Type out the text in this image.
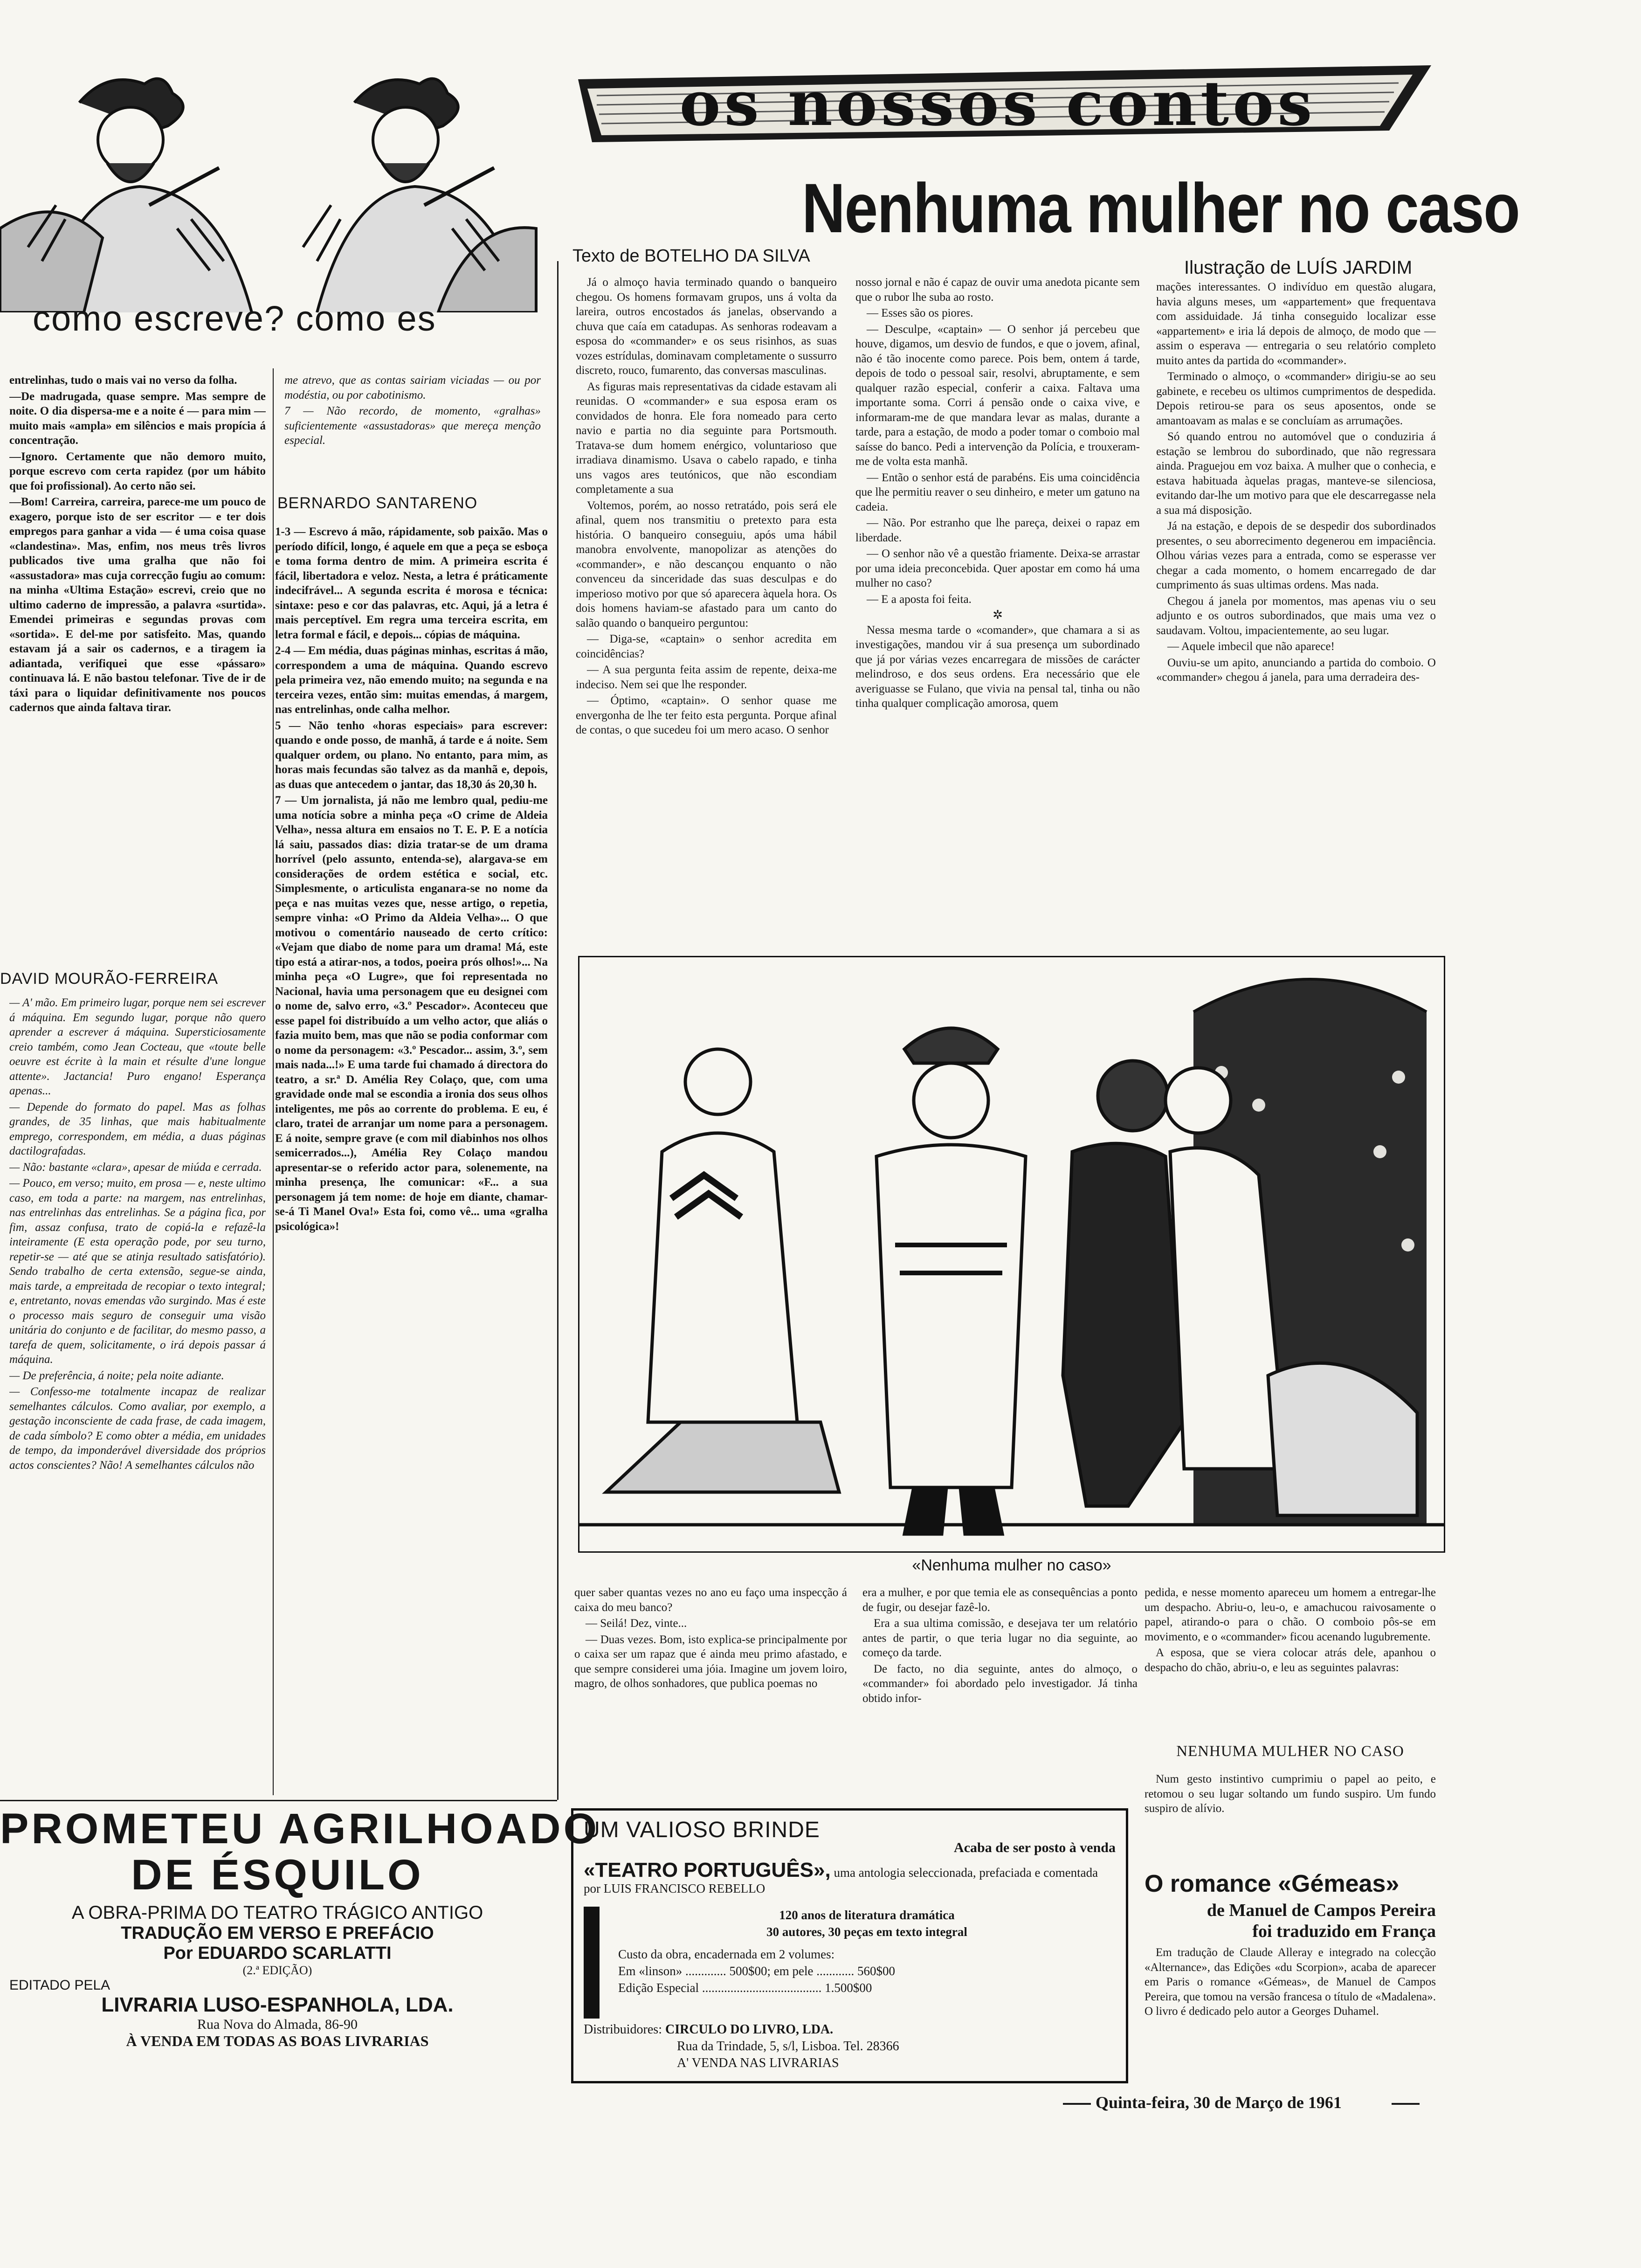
como escreve? como es
os nossos contos
Nenhuma mulher no caso
Texto de BOTELHO DA SILVA
Ilustração de LUÍS JARDIM

Já o almoço havia terminado quando o banqueiro chegou. Os homens formavam grupos, uns á volta da lareira, outros encostados ás janelas, observando a chuva que caía em catadupas. As senhoras rodeavam a esposa do «commander» e os seus risinhos, as suas vozes estrídulas, dominavam completamente o sussurro discreto, rouco, fumarento, das conversas masculinas.

As figuras mais representativas da cidade estavam ali reunidas. O «commander» e sua esposa eram os convidados de honra. Ele fora nomeado para certo navio e partia no dia seguinte para Portsmouth. Tratava-se dum homem enérgico, voluntarioso que irradiava dinamismo. Usava o cabelo rapado, e tinha uns vagos ares teutónicos, que não escondiam completamente a sua

Voltemos, porém, ao nosso retratádo, pois será ele afinal, quem nos transmitiu o pretexto para esta história. O banqueiro conseguiu, após uma hábil manobra envolvente, manopolizar as atenções do «commander», e não descançou enquanto o não convenceu da sinceridade das suas desculpas e do imperioso motivo por que só aparecera àquela hora. Os dois homens haviam-se afastado para um canto do salão quando o banqueiro perguntou:

— Diga-se, «captain» o senhor acredita em coincidências?

— A sua pergunta feita assim de repente, deixa-me indeciso. Nem sei que lhe responder.

— Óptimo, «captain». O senhor quase me envergonha de lhe ter feito esta pergunta. Porque afinal de contas, o que sucedeu foi um mero acaso. O senhor

nosso jornal e não é capaz de ouvir uma anedota picante sem que o rubor lhe suba ao rosto.

— Esses são os piores.

— Desculpe, «captain» — O senhor já percebeu que houve, digamos, um desvio de fundos, e que o jovem, afinal, não é tão inocente como parece. Pois bem, ontem á tarde, depois de todo o pessoal sair, resolvi, abruptamente, e sem qualquer razão especial, conferir a caixa. Faltava uma importante soma. Corri á pensão onde o caixa vive, e informaram-me de que mandara levar as malas, durante a tarde, para a estação, de modo a poder tomar o comboio mal saísse do banco. Pedi a intervenção da Polícia, e trouxeram-me de volta esta manhã.

— Então o senhor está de parabéns. Eis uma coincidência que lhe permitiu reaver o seu dinheiro, e meter um gatuno na cadeia.

— Não. Por estranho que lhe pareça, deixei o rapaz em liberdade.

— O senhor não vê a questão friamente. Deixa-se arrastar por uma ideia preconcebida. Quer apostar em como há uma mulher no caso?

— E a aposta foi feita.

✲

Nessa mesma tarde o «comander», que chamara a si as investigações, mandou vir á sua presença um subordinado que já por várias vezes encarregara de missões de carácter melindroso, e dos seus ordens. Era necessário que ele averiguasse se Fulano, que vivia na pensal tal, tinha ou não tinha qualquer complicação amorosa, quem

mações interessantes. O indivíduo em questão alugara, havia alguns meses, um «appartement» que frequentava com assiduidade. Já tinha conseguido localizar esse «appartement» e iria lá depois de almoço, de modo que — assim o esperava — entregaria o seu relatório completo muito antes da partida do «commander».

Terminado o almoço, o «commander» dirigiu-se ao seu gabinete, e recebeu os ultimos cumprimentos de despedida. Depois retirou-se para os seus aposentos, onde se amantoavam as malas e se concluíam as arrumações.

Só quando entrou no automóvel que o conduziria á estação se lembrou do subordinado, que não regressara ainda. Praguejou em voz baixa. A mulher que o conhecia, e estava habituada àquelas pragas, manteve-se silenciosa, evitando dar-lhe um motivo para que ele descarregasse nela a sua má disposição.

Já na estação, e depois de se despedir dos subordinados presentes, o seu aborrecimento degenerou em impaciência. Olhou várias vezes para a entrada, como se esperasse ver chegar a cada momento, o homem encarregado de dar cumprimento ás suas ultimas ordens. Mas nada.

Chegou á janela por momentos, mas apenas viu o seu adjunto e os outros subordinados, que mais uma vez o saudavam. Voltou, impacientemente, ao seu lugar.

— Aquele imbecil que não aparece!

Ouviu-se um apito, anunciando a partida do comboio. O «commander» chegou á janela, para uma derradeira des-

«Nenhuma mulher no caso»

quer saber quantas vezes no ano eu faço uma inspecção á caixa do meu banco?

— Seilá! Dez, vinte...

— Duas vezes. Bom, isto explica-se principalmente por o caixa ser um rapaz que é ainda meu primo afastado, e que sempre considerei uma jóia. Imagine um jovem loiro, magro, de olhos sonhadores, que publica poemas no

era a mulher, e por que temia ele as consequências a ponto de fugir, ou desejar fazê-lo.

Era a sua ultima comissão, e desejava ter um relatório antes de partir, o que teria lugar no dia seguinte, ao começo da tarde.

De facto, no dia seguinte, antes do almoço, o «commander» foi abordado pelo investigador. Já tinha obtido infor-

pedida, e nesse momento apareceu um homem a entregar-lhe um despacho. Abriu-o, leu-o, e amachucou raivosamente o papel, atirando-o para o chão. O comboio pôs-se em movimento, e o «commander» ficou acenando lugubremente.

A esposa, que se viera colocar atrás dele, apanhou o despacho do chão, abriu-o, e leu as seguintes palavras:

NENHUMA MULHER NO CASO

Num gesto instintivo cumprimiu o papel ao peito, e retomou o seu lugar soltando um fundo suspiro. Um fundo suspiro de alívio.

O romance «Gémeas»
de Manuel de Campos Pereira
foi traduzido em França

Em tradução de Claude Alleray e integrado na colecção «Alternance», das Edições «du Scorpion», acaba de aparecer em Paris o romance «Gémeas», de Manuel de Campos Pereira, que tomou na versão francesa o título de «Madalena». O livro é dedicado pelo autor a Georges Duhamel.

UM VALIOSO BRINDE
Acaba de ser posto à venda
«TEATRO PORTUGUÊS», uma antologia seleccionada, prefaciada e comentada por LUIS FRANCISCO REBELLO
120 anos de literatura dramática
30 autores, 30 peças em texto integral
Custo da obra, encadernada em 2 volumes:
Em «linson» ............. 500$00; em pele ............ 560$00
Edição Especial ...................................... 1.500$00
Distribuidores: CIRCULO DO LIVRO, LDA.
Rua da Trindade, 5, s/l, Lisboa. Tel. 28366
A' VENDA NAS LIVRARIAS

entrelinhas, tudo o mais vai no verso da folha.

—De madrugada, quase sempre. Mas sempre de noite. O dia dispersa-me e a noite é — para mim — muito mais «ampla» em silêncios e mais propícia á concentração.

—Ignoro. Certamente que não demoro muito, porque escrevo com certa rapidez (por um hábito que foi profissional). Ao certo não sei.

—Bom! Carreira, carreira, parece-me um pouco de exagero, porque isto de ser escritor — e ter dois empregos para ganhar a vida — é uma coisa quase «clandestina». Mas, enfim, nos meus três livros publicados tive uma gralha que não foi «assustadora» mas cuja correcção fugiu ao comum: na minha «Ultima Estação» escrevi, creio que no ultimo caderno de impressão, a palavra «surtida». Emendei primeiras e segundas provas com «sortida». E del-me por satisfeito. Mas, quando estavam já a sair os cadernos, e a tiragem ia adiantada, verifiquei que esse «pássaro» continuava lá. E não bastou telefonar. Tive de ir de táxi para o liquidar definitivamente nos poucos cadernos que ainda faltava tirar.

DAVID MOURÃO-FERREIRA

— A' mão. Em primeiro lugar, porque nem sei escrever á máquina. Em segundo lugar, porque não quero aprender a escrever á máquina. Supersticiosamente creio também, como Jean Cocteau, que «toute belle oeuvre est écrite à la main et résulte d'une longue attente». Jactancia! Puro engano! Esperança apenas...

— Depende do formato do papel. Mas as folhas grandes, de 35 linhas, que mais habitualmente emprego, correspondem, em média, a duas páginas dactilografadas.

— Não: bastante «clara», apesar de miúda e cerrada.

— Pouco, em verso; muito, em prosa — e, neste ultimo caso, em toda a parte: na margem, nas entrelinhas, nas entrelinhas das entrelinhas. Se a página fica, por fim, assaz confusa, trato de copiá-la e refazê-la inteiramente (E esta operação pode, por seu turno, repetir-se — até que se atinja resultado satisfatório). Sendo trabalho de certa extensão, segue-se ainda, mais tarde, a empreitada de recopiar o texto integral; e, entretanto, novas emendas vão surgindo. Mas é este o processo mais seguro de conseguir uma visão unitária do conjunto e de facilitar, do mesmo passo, a tarefa de quem, solicitamente, o irá depois passar á máquina.

— De preferência, á noite; pela noite adiante.

— Confesso-me totalmente incapaz de realizar semelhantes cálculos. Como avaliar, por exemplo, a gestação inconsciente de cada frase, de cada imagem, de cada símbolo? E como obter a média, em unidades de tempo, da imponderável diversidade dos próprios actos conscientes? Não! A semelhantes cálculos não

me atrevo, que as contas sairiam viciadas — ou por modéstia, ou por cabotinismo.

7 — Não recordo, de momento, «gralhas» suficientemente «assustadoras» que mereça menção especial.

BERNARDO SANTARENO

1-3 — Escrevo á mão, rápidamente, sob paixão. Mas o período difícil, longo, é aquele em que a peça se esboça e toma forma dentro de mim. A primeira escrita é fácil, libertadora e veloz. Nesta, a letra é práticamente indecifrável... A segunda escrita é morosa e técnica: sintaxe: peso e cor das palavras, etc. Aqui, já a letra é mais perceptível. Em regra uma terceira escrita, em letra formal e fácil, e depois... cópias de máquina.

2-4 — Em média, duas páginas minhas, escritas á mão, correspondem a uma de máquina. Quando escrevo pela primeira vez, não emendo muito; na segunda e na terceira vezes, então sim: muitas emendas, á margem, nas entrelinhas, onde calha melhor.

5 — Não tenho «horas especiais» para escrever: quando e onde posso, de manhã, á tarde e á noite. Sem qualquer ordem, ou plano. No entanto, para mim, as horas mais fecundas são talvez as da manhã e, depois, as duas que antecedem o jantar, das 18,30 ás 20,30 h.

7 — Um jornalista, já não me lembro qual, pediu-me uma notícia sobre a minha peça «O crime de Aldeia Velha», nessa altura em ensaios no T. E. P. E a notícia lá saiu, passados dias: dizia tratar-se de um drama horrível (pelo assunto, entenda-se), alargava-se em considerações de ordem estética e social, etc. Simplesmente, o articulista enganara-se no nome da peça e nas muitas vezes que, nesse artigo, o repetia, sempre vinha: «O Primo da Aldeia Velha»... O que motivou o comentário nauseado de certo crítico: «Vejam que diabo de nome para um drama! Má, este tipo está a atirar-nos, a todos, poeira prós olhos!»... Na minha peça «O Lugre», que foi representada no Nacional, havia uma personagem que eu designei com o nome de, salvo erro, «3.º Pescador». Aconteceu que esse papel foi distribuído a um velho actor, que aliás o fazia muito bem, mas que não se podia conformar com o nome da personagem: «3.º Pescador... assim, 3.º, sem mais nada...!» E uma tarde fui chamado á directora do teatro, a sr.ª D. Amélia Rey Colaço, que, com uma gravidade onde mal se escondia a ironia dos seus olhos inteligentes, me pôs ao corrente do problema. E eu, é claro, tratei de arranjar um nome para a personagem. E á noite, sempre grave (e com mil diabinhos nos olhos semicerrados...), Amélia Rey Colaço mandou apresentar-se o referido actor para, solenemente, na minha presença, lhe comunicar: «F... a sua personagem já tem nome: de hoje em diante, chamar-se-á Ti Manel Ova!» Esta foi, como vê... uma «gralha psicológica»!

PROMETEU AGRILHOADO
DE ÉSQUILO
A OBRA-PRIMA DO TEATRO TRÁGICO ANTIGO
TRADUÇÃO EM VERSO E PREFÁCIO
Por EDUARDO SCARLATTI
(2.ª EDIÇÃO)
EDITADO PELA
LIVRARIA LUSO-ESPANHOLA, LDA.
Rua Nova do Almada, 86-90
À VENDA EM TODAS AS BOAS LIVRARIAS
Quinta-feira, 30 de Março de 1961
